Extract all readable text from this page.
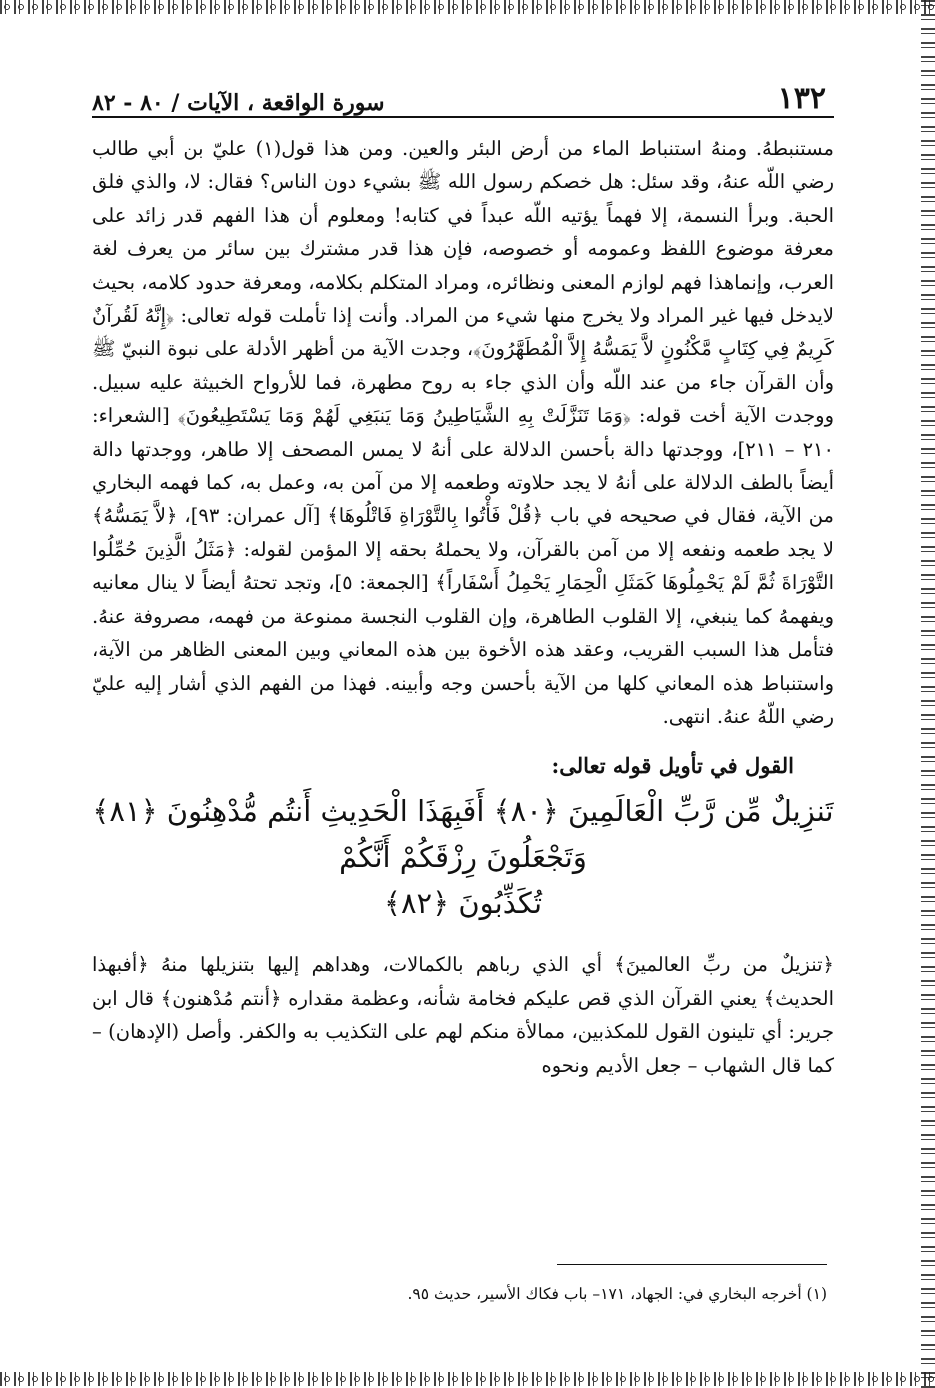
١٣٢
سورة الواقعة ، الآيات / ٨٠ - ٨٢

مستنبطهُ. ومنهُ استنباط الماء من أرض البئر والعين. ومن هذا قول(١) عليّ بن أبي طالب رضي اللّه عنهُ، وقد سئل: هل خصكم رسول الله ﷺ بشيء دون الناس؟ فقال: لا، والذي فلق الحبة. وبرأ النسمة، إلا فهماً يؤتيه اللّه عبداً في كتابه! ومعلوم أن هذا الفهم قدر زائد على معرفة موضوع اللفظ وعمومه أو خصوصه، فإن هذا قدر مشترك بين سائر من يعرف لغة العرب، وإنماهذا فهم لوازم المعنى ونظائره، ومراد المتكلم بكلامه، ومعرفة حدود كلامه، بحيث لايدخل فيها غير المراد ولا يخرج منها شيء من المراد. وأنت إذا تأملت قوله تعالى: ﴿إِنَّهُ لَقُرآنٌ كَرِيمٌ فِي كِتَابٍ مَّكْنُونٍ لاَّ يَمَسُّهُ إِلاَّ الْمُطَهَّرُونَ﴾، وجدت الآية من أظهر الأدلة على نبوة النبيّ ﷺ وأن القرآن جاء من عند اللّه وأن الذي جاء به روح مطهرة، فما للأرواح الخبيثة عليه سبيل. ووجدت الآية أخت قوله: ﴿وَمَا تَنَزَّلَتْ بِهِ الشَّيَاطِينُ وَمَا يَنبَغِي لَهُمْ وَمَا يَسْتَطِيعُونَ﴾ [الشعراء: ٢١٠ – ٢١١]، ووجدتها دالة بأحسن الدلالة على أنهُ لا يمس المصحف إلا طاهر، ووجدتها دالة أيضاً بالطف الدلالة على أنهُ لا يجد حلاوته وطعمه إلا من آمن به، وعمل به، كما فهمه البخاري من الآية، فقال في صحيحه في باب ﴿قُلْ فَأْتُوا بِالتَّوْرَاةِ فَاتْلُوهَا﴾ [آل عمران: ٩٣]، ﴿لاَّ يَمَسُّهُ﴾ لا يجد طعمه ونفعه إلا من آمن بالقرآن، ولا يحملهُ بحقه إلا المؤمن لقوله: ﴿مَثَلُ الَّذِينَ حُمِّلُوا التَّوْرَاةَ ثُمَّ لَمْ يَحْمِلُوهَا كَمَثَلِ الْحِمَارِ يَحْمِلُ أَسْفَاراً﴾ [الجمعة: ٥]، وتجد تحتهُ أيضاً لا ينال معانيه ويفهمهُ كما ينبغي، إلا القلوب الطاهرة، وإن القلوب النجسة ممنوعة من فهمه، مصروفة عنهُ. فتأمل هذا السبب القريب، وعقد هذه الأخوة بين هذه المعاني وبين المعنى الظاهر من الآية، واستنباط هذه المعاني كلها من الآية بأحسن وجه وأبينه. فهذا من الفهم الذي أشار إليه عليّ رضي اللّهُ عنهُ. انتهى.

القول في تأويل قوله تعالى:
تَنزِيلٌ مِّن رَّبِّ الْعَالَمِينَ ﴿٨٠﴾ أَفَبِهَذَا الْحَدِيثِ أَنتُم مُّدْهِنُونَ ﴿٨١﴾ وَتَجْعَلُونَ رِزْقَكُمْ أَنَّكُمْ
تُكَذِّبُونَ ﴿٨٢﴾
﴿تنزيلٌ من ربِّ العالمينَ﴾ أي الذي رباهم بالكمالات، وهداهم إليها بتنزيلها منهُ ﴿أفبهذا الحديث﴾ يعني القرآن الذي قص عليكم فخامة شأنه، وعظمة مقداره ﴿أنتم مُدْهنون﴾ قال ابن جرير: أي تلينون القول للمكذبين، ممالأة منكم لهم على التكذيب به والكفر. وأصل (الإدهان) – كما قال الشهاب – جعل الأديم ونحوه
(١) أخرجه البخاري في: الجهاد، ١٧١– باب فكاك الأسير، حديث ٩٥.
